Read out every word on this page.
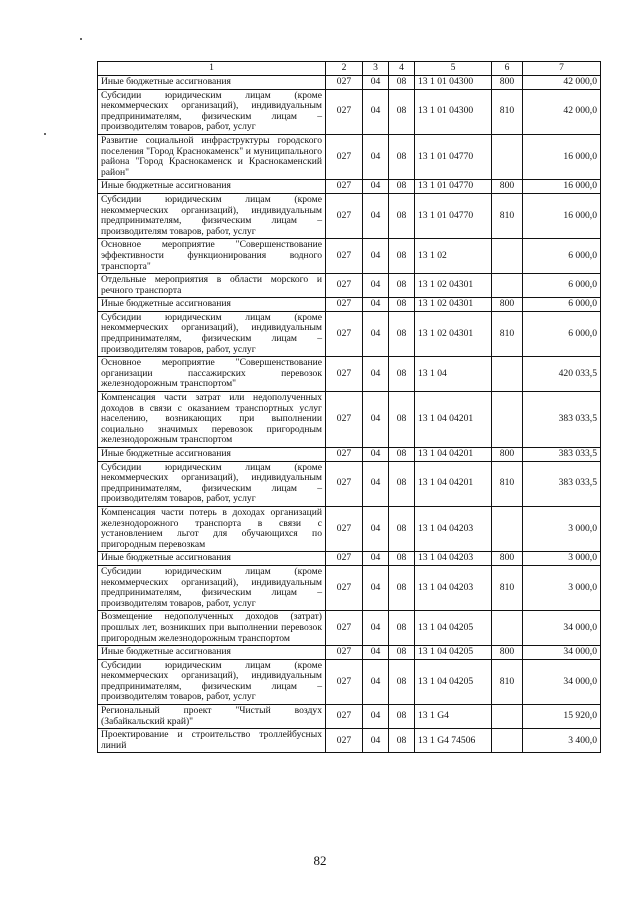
1	2	3	4	5	6	7
Иные бюджетные ассигнования	027	04	08	13 1 01 04300	800	42 000,0
Субсидии юридическим лицам (кроме некоммерческих организаций), индивидуальным предпринимателям, физическим лицам – производителям товаров, работ, услуг	027	04	08	13 1 01 04300	810	42 000,0
Развитие социальной инфраструктуры городского поселения "Город Краснокаменск" и муниципального района "Город Краснокаменск и Краснокаменский район"	027	04	08	13 1 01 04770		16 000,0
Иные бюджетные ассигнования	027	04	08	13 1 01 04770	800	16 000,0
Субсидии юридическим лицам (кроме некоммерческих организаций), индивидуальным предпринимателям, физическим лицам – производителям товаров, работ, услуг	027	04	08	13 1 01 04770	810	16 000,0
Основное мероприятие "Совершенствование эффективности функционирования водного транспорта"	027	04	08	13 1 02		6 000,0
Отдельные мероприятия в области морского и речного транспорта	027	04	08	13 1 02 04301		6 000,0
Иные бюджетные ассигнования	027	04	08	13 1 02 04301	800	6 000,0
Субсидии юридическим лицам (кроме некоммерческих организаций), индивидуальным предпринимателям, физическим лицам – производителям товаров, работ, услуг	027	04	08	13 1 02 04301	810	6 000,0
Основное мероприятие "Совершенствование организации пассажирских перевозок железнодорожным транспортом"	027	04	08	13 1 04		420 033,5
Компенсация части затрат или недополученных доходов в связи с оказанием транспортных услуг населению, возникающих при выполнении социально значимых перевозок пригородным железнодорожным транспортом	027	04	08	13 1 04 04201		383 033,5
Иные бюджетные ассигнования	027	04	08	13 1 04 04201	800	383 033,5
Субсидии юридическим лицам (кроме некоммерческих организаций), индивидуальным предпринимателям, физическим лицам – производителям товаров, работ, услуг	027	04	08	13 1 04 04201	810	383 033,5
Компенсация части потерь в доходах организаций железнодорожного транспорта в связи с установлением льгот для обучающихся по пригородным перевозкам	027	04	08	13 1 04 04203		3 000,0
Иные бюджетные ассигнования	027	04	08	13 1 04 04203	800	3 000,0
Субсидии юридическим лицам (кроме некоммерческих организаций), индивидуальным предпринимателям, физическим лицам – производителям товаров, работ, услуг	027	04	08	13 1 04 04203	810	3 000,0
Возмещение недополученных доходов (затрат) прошлых лет, возникших при выполнении перевозок пригородным железнодорожным транспортом	027	04	08	13 1 04 04205		34 000,0
Иные бюджетные ассигнования	027	04	08	13 1 04 04205	800	34 000,0
Субсидии юридическим лицам (кроме некоммерческих организаций), индивидуальным предпринимателям, физическим лицам – производителям товаров, работ, услуг	027	04	08	13 1 04 04205	810	34 000,0
Региональный проект "Чистый воздух (Забайкальский край)"	027	04	08	13 1 G4		15 920,0
Проектирование и строительство троллейбусных линий	027	04	08	13 1 G4 74506		3 400,0
82
